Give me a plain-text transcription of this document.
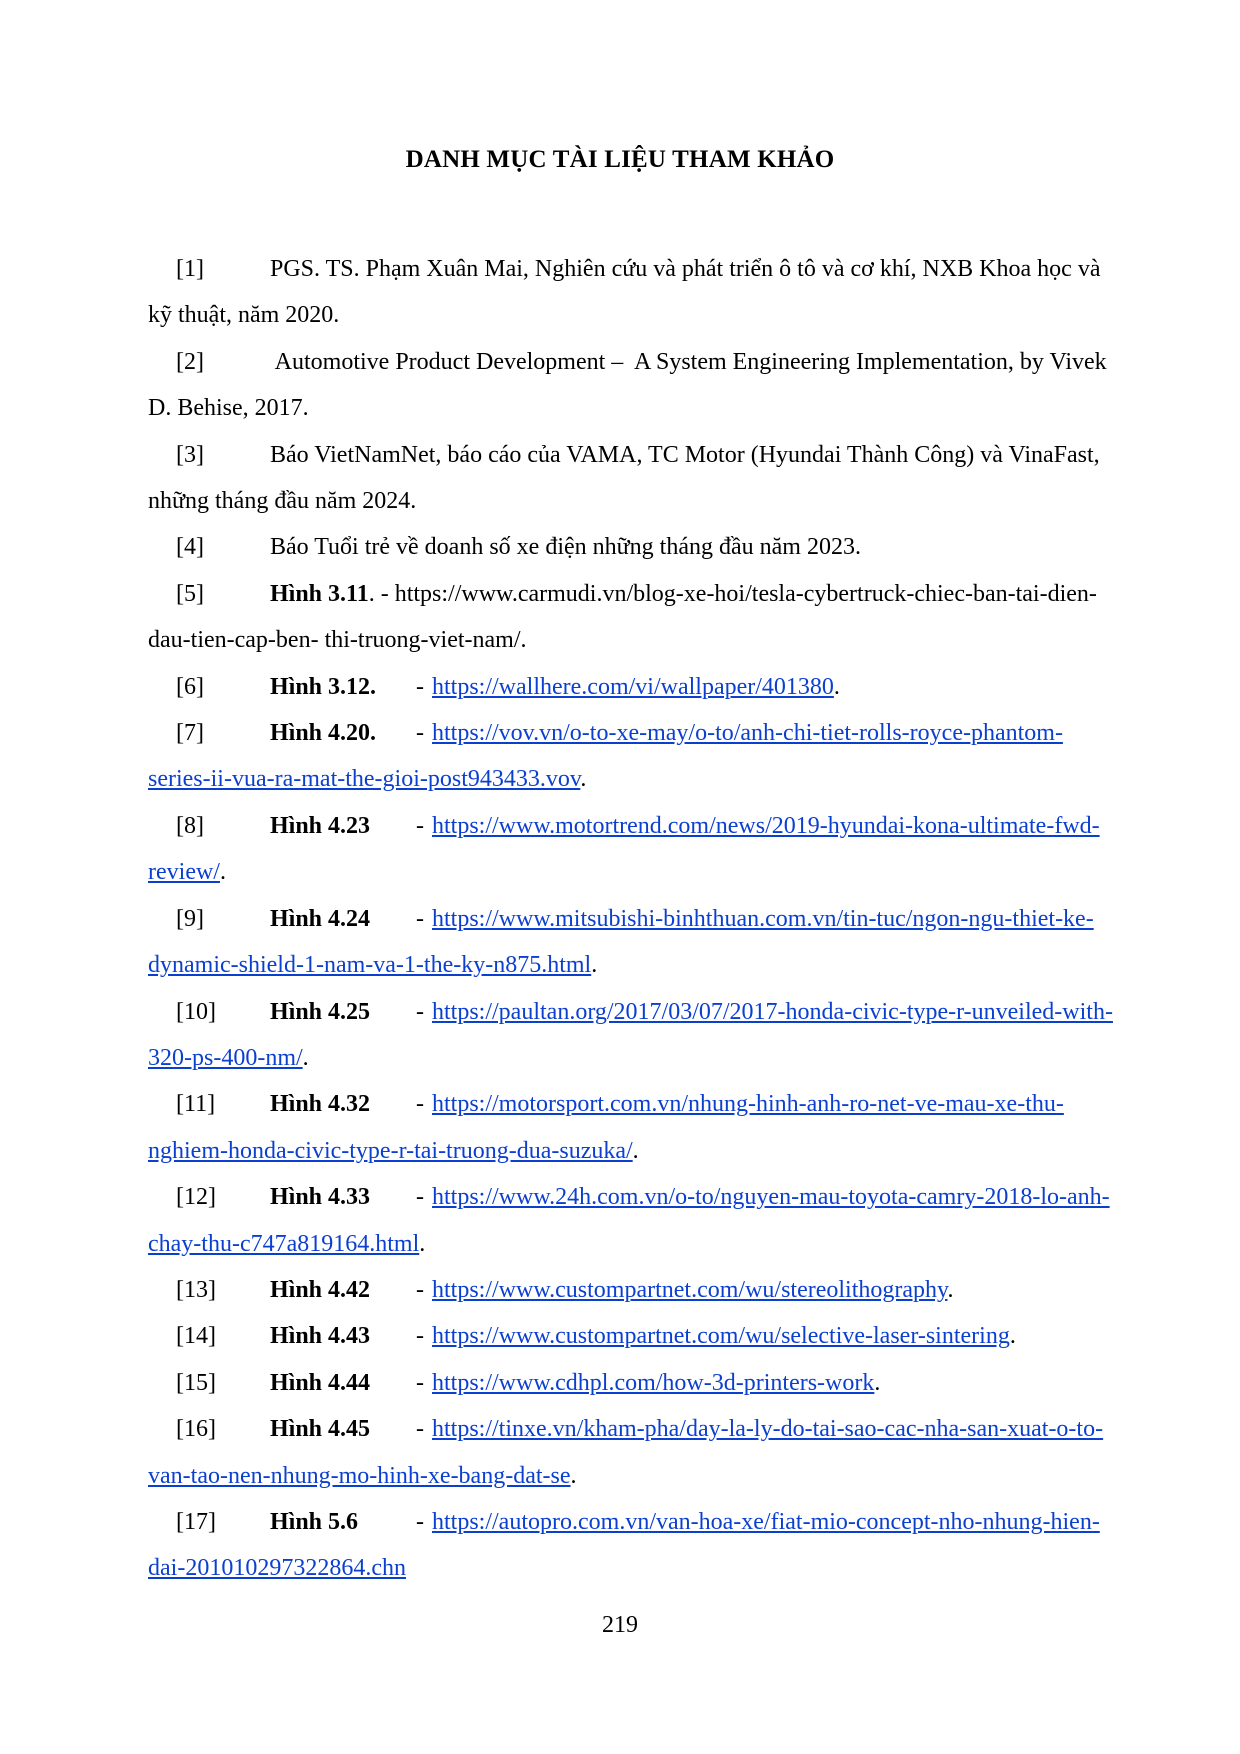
DANH MỤC TÀI LIỆU THAM KHẢO
[1]	PGS. TS. Phạm Xuân Mai, Nghiên cứu và phát triển ô tô và cơ khí, NXB Khoa học và kỹ thuật, năm 2020.
[2]	Automotive Product Development –  A System Engineering Implementation, by Vivek D. Behise, 2017.
[3]	Báo VietNamNet, báo cáo của VAMA, TC Motor (Hyundai Thành Công) và VinaFast, những tháng đầu năm 2024.
[4]	Báo Tuổi trẻ về doanh số xe điện những tháng đầu năm 2023.
[5]	Hình 3.11. - https://www.carmudi.vn/blog-xe-hoi/tesla-cybertruck-chiec-ban-tai-dien-dau-tien-cap-ben- thi-truong-viet-nam/.
[6]	Hình 3.12. - https://wallhere.com/vi/wallpaper/401380.
[7]	Hình 4.20. - https://vov.vn/o-to-xe-may/o-to/anh-chi-tiet-rolls-royce-phantom-series-ii-vua-ra-mat-the-gioi-post943433.vov.
[8]	Hình 4.23 - https://www.motortrend.com/news/2019-hyundai-kona-ultimate-fwd-review/.
[9]	Hình 4.24 - https://www.mitsubishi-binhthuan.com.vn/tin-tuc/ngon-ngu-thiet-ke-dynamic-shield-1-nam-va-1-the-ky-n875.html.
[10] Hình 4.25 - https://paultan.org/2017/03/07/2017-honda-civic-type-r-unveiled-with-320-ps-400-nm/.
[11] Hình 4.32 - https://motorsport.com.vn/nhung-hinh-anh-ro-net-ve-mau-xe-thu-nghiem-honda-civic-type-r-tai-truong-dua-suzuka/.
[12] Hình 4.33 - https://www.24h.com.vn/o-to/nguyen-mau-toyota-camry-2018-lo-anh-chay-thu-c747a819164.html.
[13] Hình 4.42 - https://www.custompartnet.com/wu/stereolithography.
[14] Hình 4.43 - https://www.custompartnet.com/wu/selective-laser-sintering.
[15] Hình 4.44 - https://www.cdhpl.com/how-3d-printers-work.
[16] Hình 4.45 - https://tinxe.vn/kham-pha/day-la-ly-do-tai-sao-cac-nha-san-xuat-o-to-van-tao-nen-nhung-mo-hinh-xe-bang-dat-se.
[17] Hình 5.6 - https://autopro.com.vn/van-hoa-xe/fiat-mio-concept-nho-nhung-hien-dai-201010297322864.chn
219
